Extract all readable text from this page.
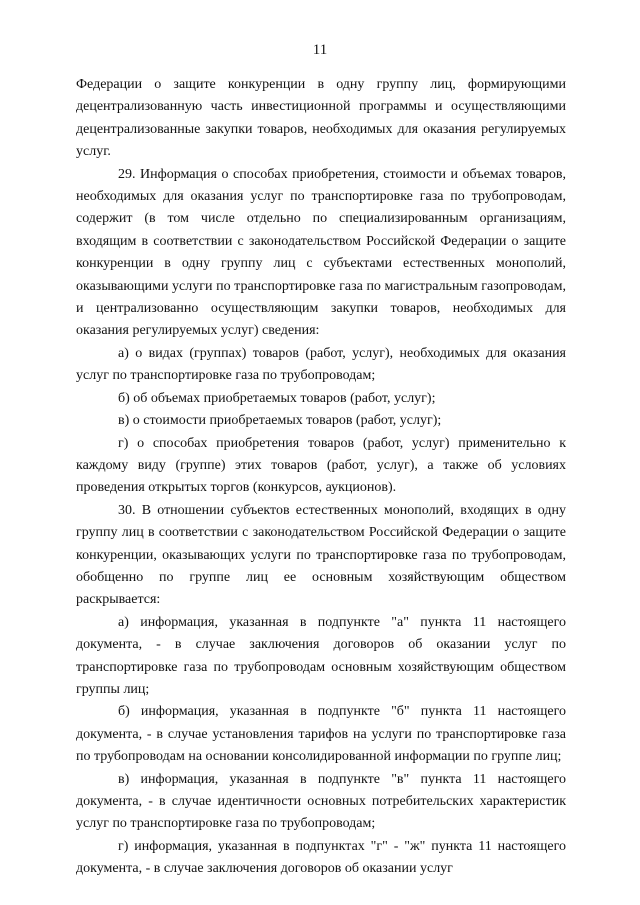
11

Федерации о защите конкуренции в одну группу лиц, формирующими децентрализованную часть инвестиционной программы и осуществляющими децентрализованные закупки товаров, необходимых для оказания регулируемых услуг.

29. Информация о способах приобретения, стоимости и объемах товаров, необходимых для оказания услуг по транспортировке газа по трубопроводам, содержит (в том числе отдельно по специализированным организациям, входящим в соответствии с законодательством Российской Федерации о защите конкуренции в одну группу лиц с субъектами естественных монополий, оказывающими услуги по транспортировке газа по магистральным газопроводам, и централизованно осуществляющим закупки товаров, необходимых для оказания регулируемых услуг) сведения:

а) о видах (группах) товаров (работ, услуг), необходимых для оказания услуг по транспортировке газа по трубопроводам;

б) об объемах приобретаемых товаров (работ, услуг);

в) о стоимости приобретаемых товаров (работ, услуг);

г) о способах приобретения товаров (работ, услуг) применительно к каждому виду (группе) этих товаров (работ, услуг), а также об условиях проведения открытых торгов (конкурсов, аукционов).

30. В отношении субъектов естественных монополий, входящих в одну группу лиц в соответствии с законодательством Российской Федерации о защите конкуренции, оказывающих услуги по транспортировке газа по трубопроводам, обобщенно по группе лиц ее основным хозяйствующим обществом раскрывается:

а) информация, указанная в подпункте "а" пункта 11 настоящего документа, - в случае заключения договоров об оказании услуг по транспортировке газа по трубопроводам основным хозяйствующим обществом группы лиц;

б) информация, указанная в подпункте "б" пункта 11 настоящего документа, - в случае установления тарифов на услуги по транспортировке газа по трубопроводам на основании консолидированной информации по группе лиц;

в) информация, указанная в подпункте "в" пункта 11 настоящего документа, - в случае идентичности основных потребительских характеристик услуг по транспортировке газа по трубопроводам;

г) информация, указанная в подпунктах "г" - "ж" пункта 11 настоящего документа, - в случае заключения договоров об оказании услуг
